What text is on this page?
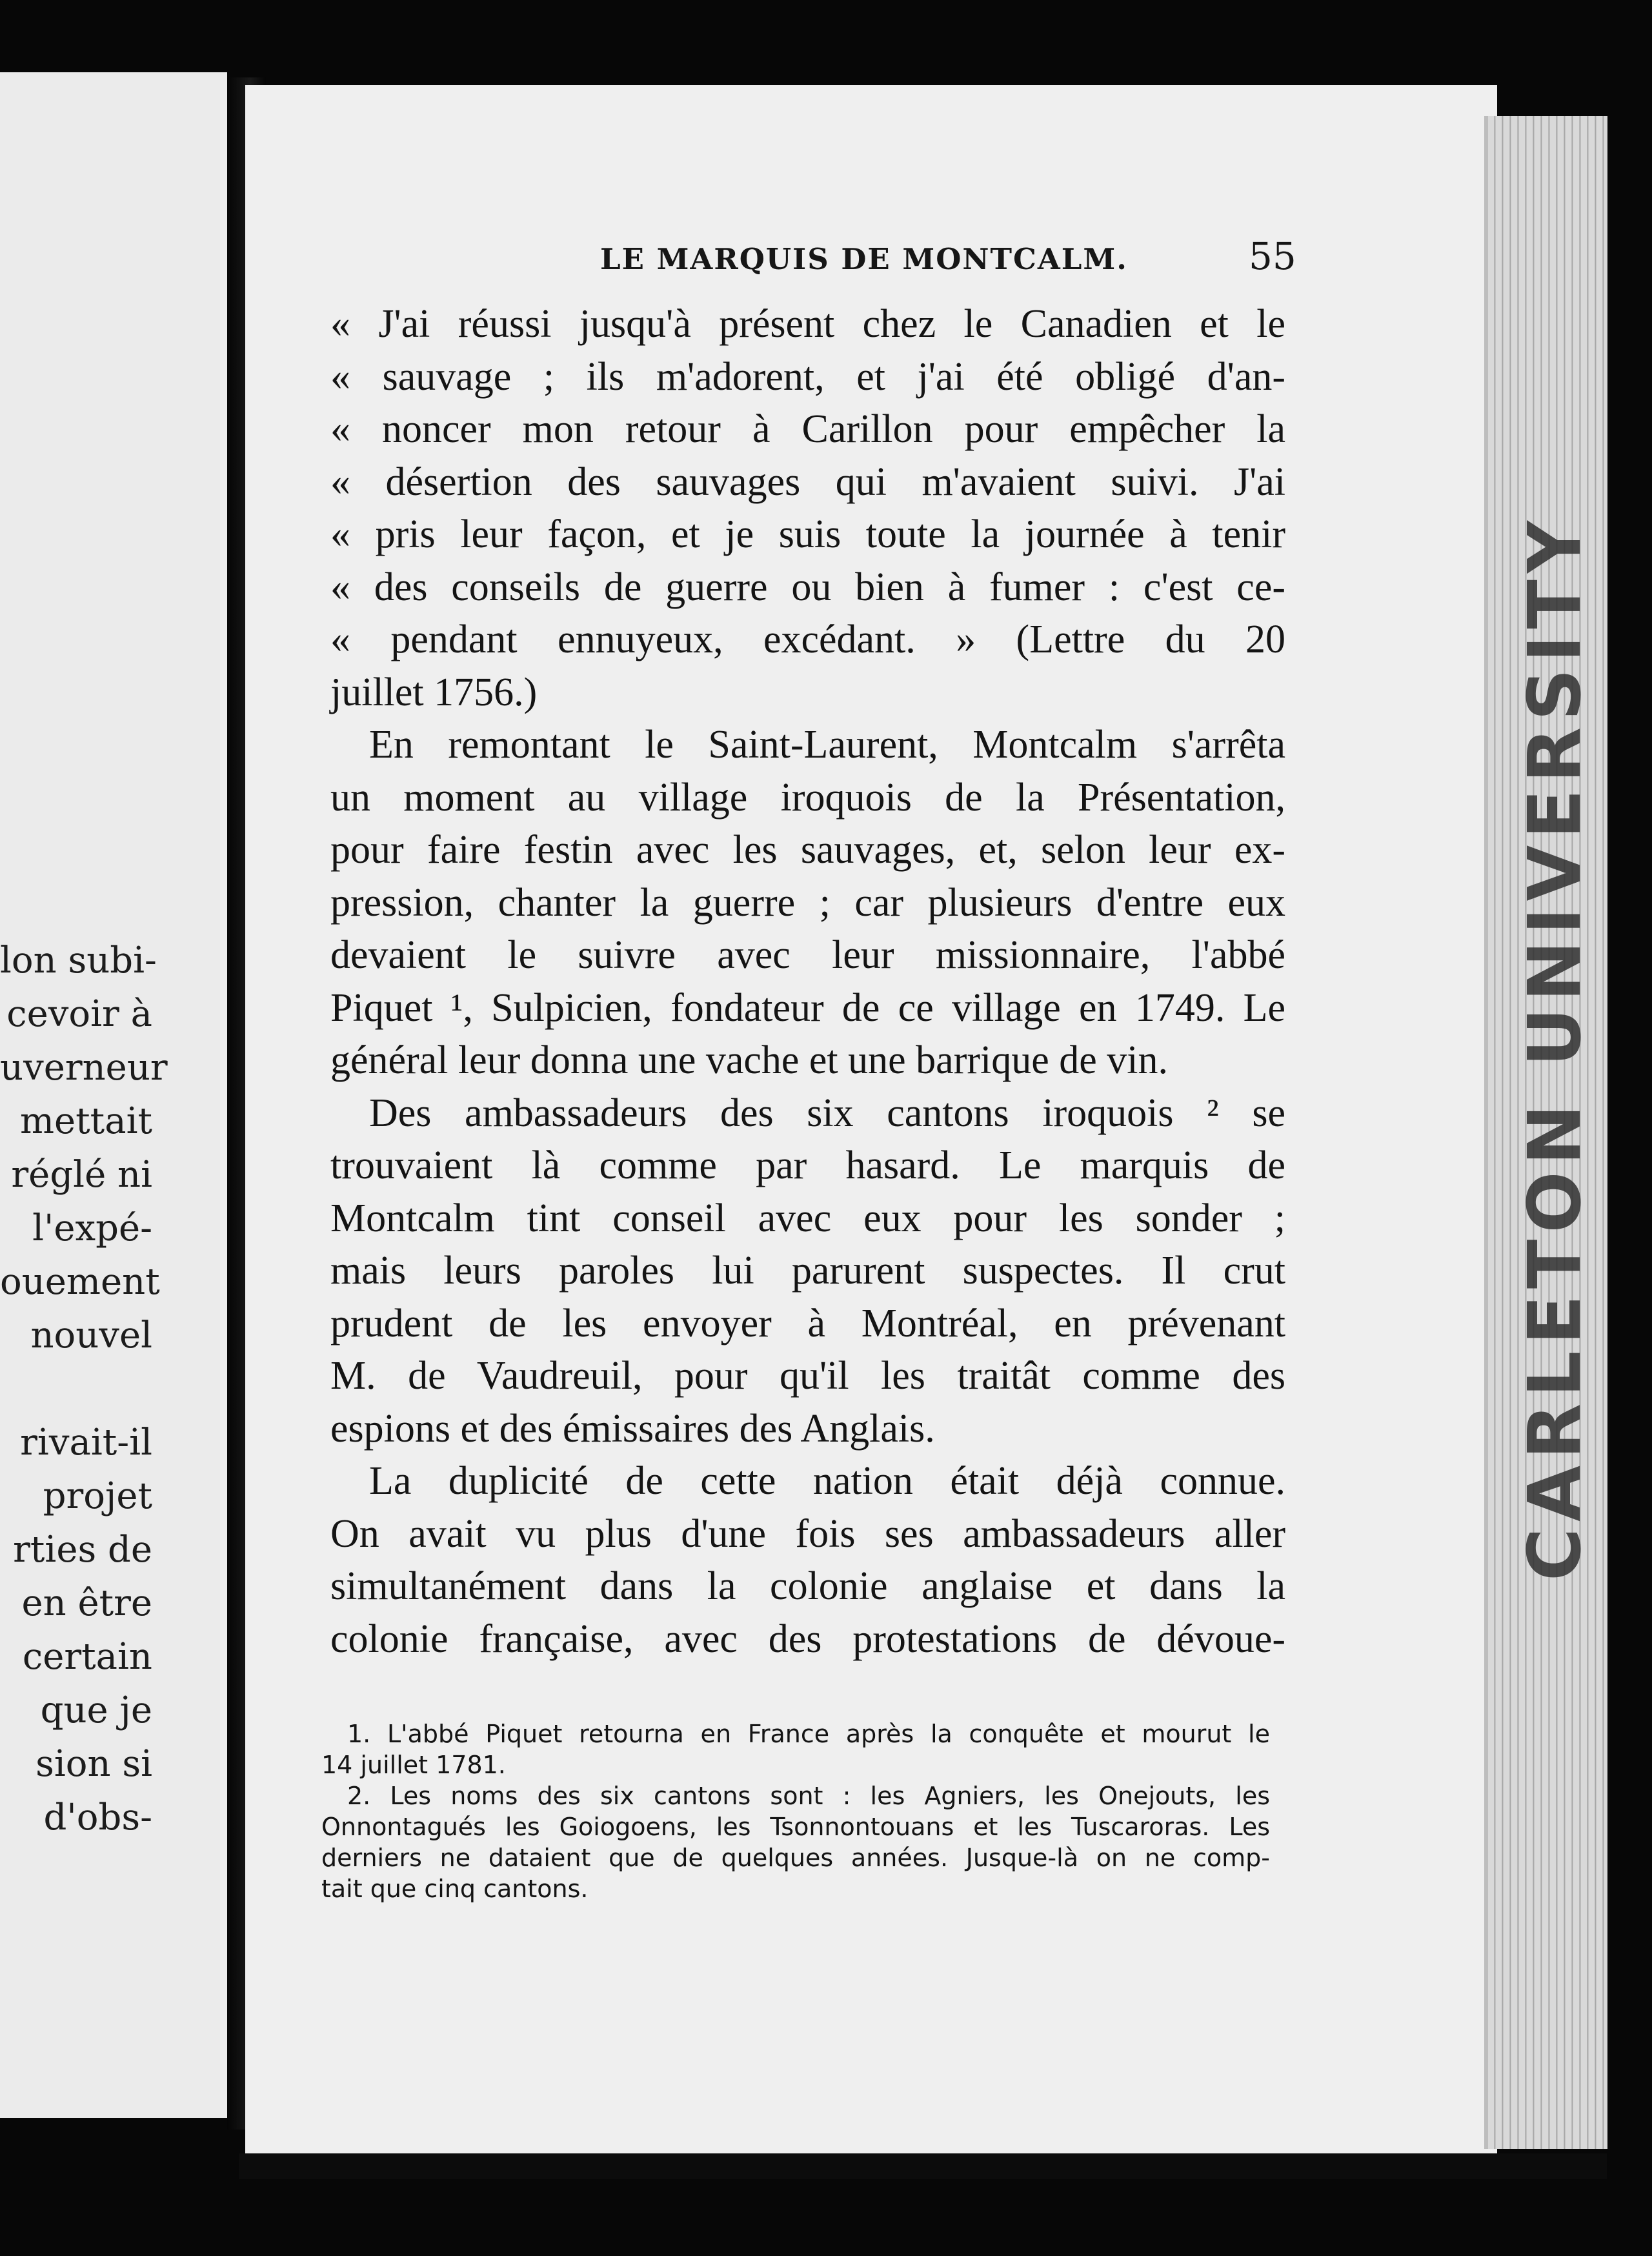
lon subi-
cevoir à
uverneur
mettait
réglé ni
l'expé-
ouement
nouvel

rivait-il
projet
rties de
en être
certain
que je
sion si
d'obs-
CARLETON UNIVERSITY
LE MARQUIS DE MONTCALM.	55
« J'ai réussi jusqu'à présent chez le Canadien et le
« sauvage ; ils m'adorent, et j'ai été obligé d'an-
« noncer mon retour à Carillon pour empêcher la
« désertion des sauvages qui m'avaient suivi. J'ai
« pris leur façon, et je suis toute la journée à tenir
« des conseils de guerre ou bien à fumer : c'est ce-
« pendant ennuyeux, excédant. » (Lettre du 20
juillet 1756.)
En remontant le Saint-Laurent, Montcalm s'arrêta
un moment au village iroquois de la Présentation,
pour faire festin avec les sauvages, et, selon leur ex-
pression, chanter la guerre ; car plusieurs d'entre eux
devaient le suivre avec leur missionnaire, l'abbé
Piquet ¹, Sulpicien, fondateur de ce village en 1749. Le
général leur donna une vache et une barrique de vin.
Des ambassadeurs des six cantons iroquois ² se
trouvaient là comme par hasard. Le marquis de
Montcalm tint conseil avec eux pour les sonder ;
mais leurs paroles lui parurent suspectes. Il crut
prudent de les envoyer à Montréal, en prévenant
M. de Vaudreuil, pour qu'il les traitât comme des
espions et des émissaires des Anglais.
La duplicité de cette nation était déjà connue.
On avait vu plus d'une fois ses ambassadeurs aller
simultanément dans la colonie anglaise et dans la
colonie française, avec des protestations de dévoue-
1. L'abbé Piquet retourna en France après la conquête et mourut le
14 juillet 1781.
2. Les noms des six cantons sont : les Agniers, les Onejouts, les
Onnontagués les Goiogoens, les Tsonnontouans et les Tuscaroras. Les
derniers ne dataient que de quelques années. Jusque-là on ne comp-
tait que cinq cantons.
